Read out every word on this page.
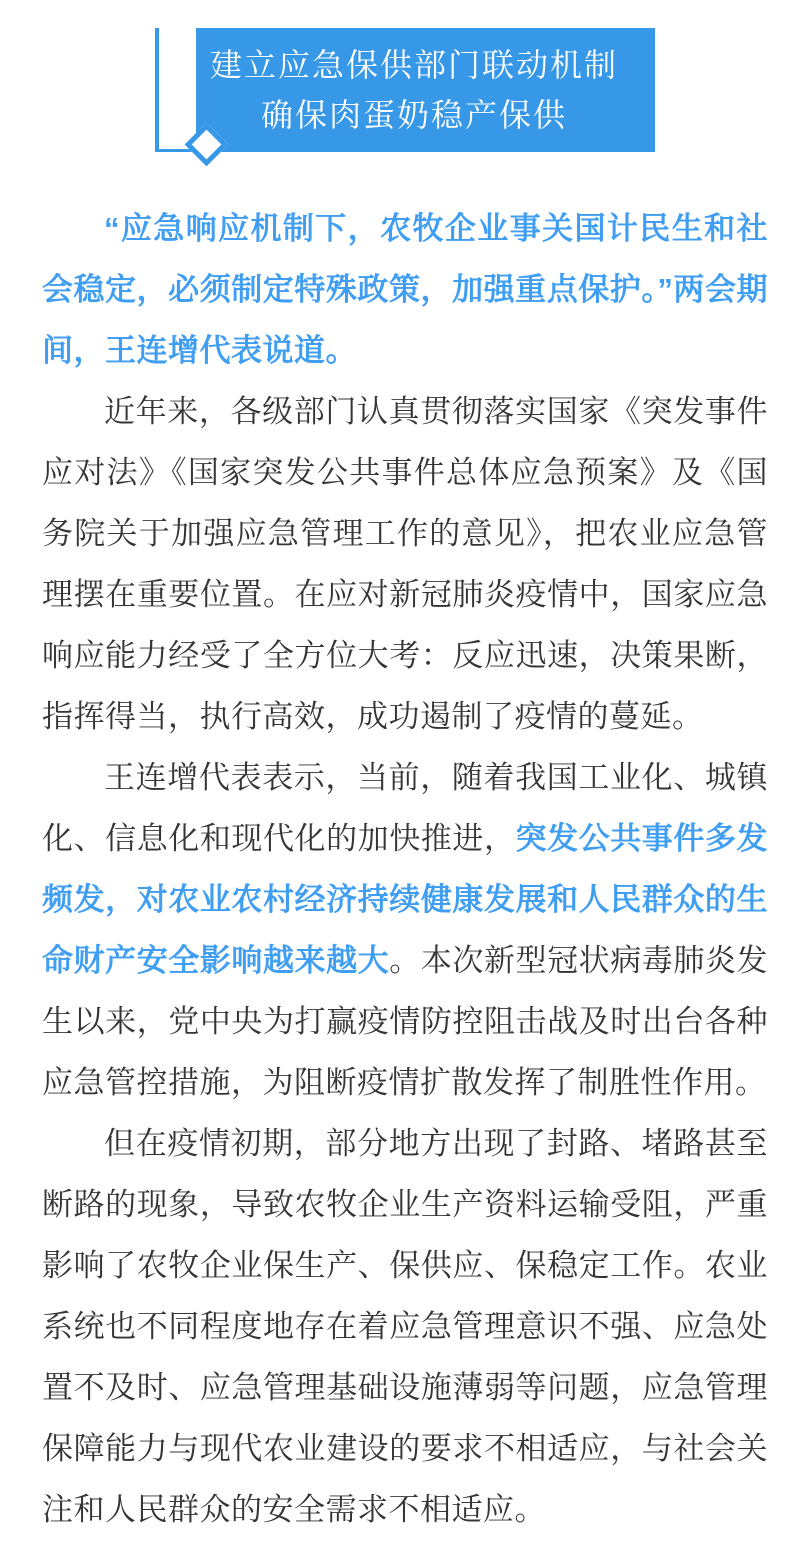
建立应急保供部门联动机制
确保肉蛋奶稳产保供

“应急响应机制下，农牧企业事关国计民生和社会稳定，必须制定特殊政策，加强重点保护。”两会期间，王连增代表说道。

近年来，各级部门认真贯彻落实国家《突发事件应对法》《国家突发公共事件总体应急预案》及《国务院关于加强应急管理工作的意见》，把农业应急管理摆在重要位置。在应对新冠肺炎疫情中，国家应急响应能力经受了全方位大考：反应迅速，决策果断，指挥得当，执行高效，成功遏制了疫情的蔓延。

王连增代表表示，当前，随着我国工业化、城镇化、信息化和现代化的加快推进，突发公共事件多发频发，对农业农村经济持续健康发展和人民群众的生命财产安全影响越来越大。本次新型冠状病毒肺炎发生以来，党中央为打赢疫情防控阻击战及时出台各种应急管控措施，为阻断疫情扩散发挥了制胜性作用。

但在疫情初期，部分地方出现了封路、堵路甚至断路的现象，导致农牧企业生产资料运输受阻，严重影响了农牧企业保生产、保供应、保稳定工作。农业系统也不同程度地存在着应急管理意识不强、应急处置不及时、应急管理基础设施薄弱等问题，应急管理保障能力与现代农业建设的要求不相适应，与社会关注和人民群众的安全需求不相适应。
